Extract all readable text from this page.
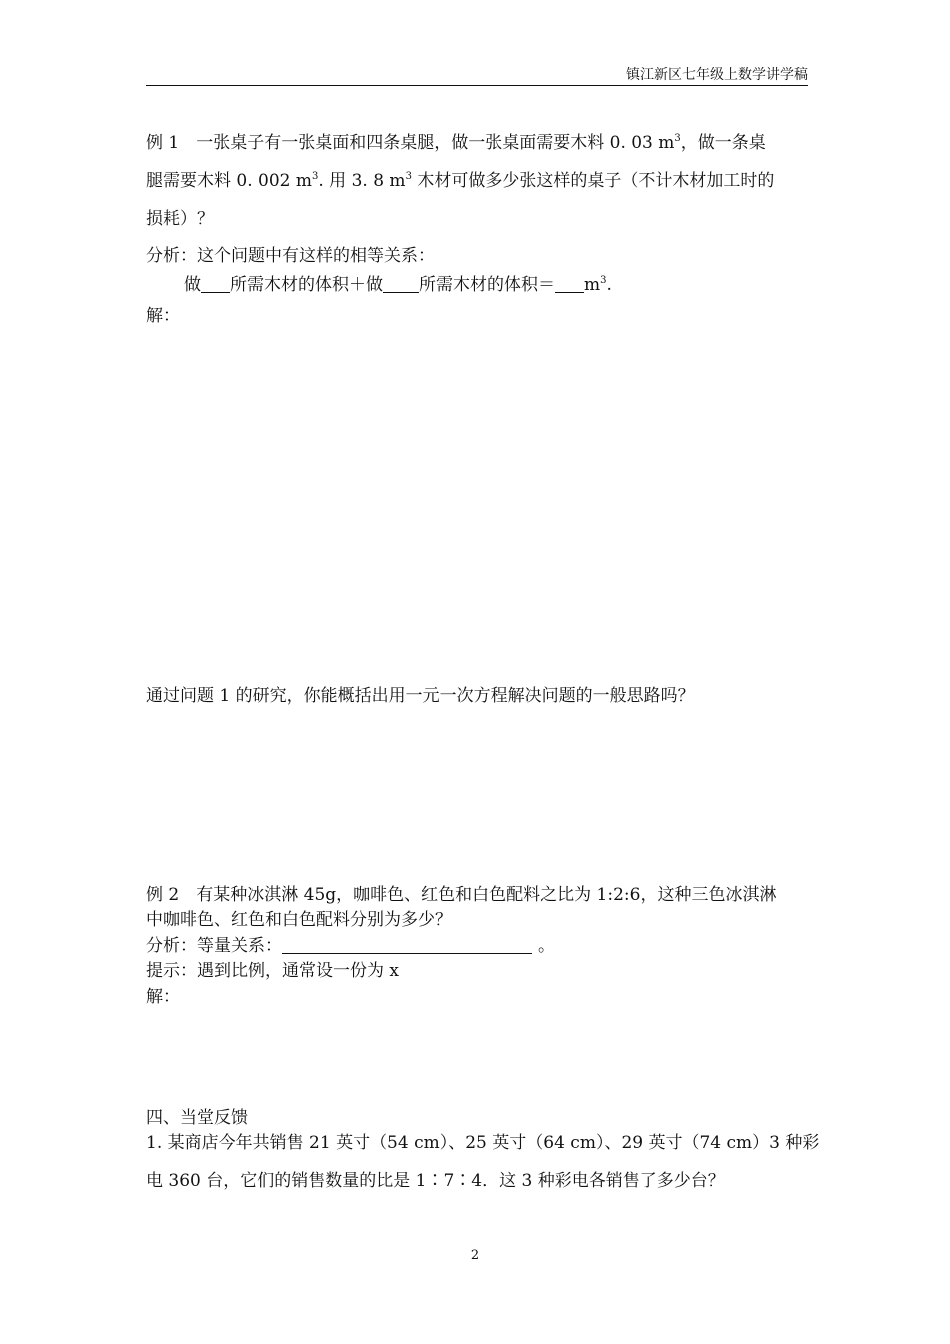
镇江新区七年级上数学讲学稿
例 1　一张桌子有一张桌面和四条桌腿，做一张桌面需要木料 0. 03 $m^3$，做一条桌
腿需要木料 0. 002 $m^3$. 用 3. 8 $m^3$ 木材可做多少张这样的桌子（不计木材加工时的
损耗）？
分析：这个问题中有这样的相等关系：
做 所需木材的体积＋做 所需木材的体积＝ $m^3$.
解：
通过问题 1 的研究，你能概括出用一元一次方程解决问题的一般思路吗？
例 2　有某种冰淇淋 45g，咖啡色、红色和白色配料之比为 1:2:6，这种三色冰淇淋
中咖啡色、红色和白色配料分别为多少？
分析：等量关系：	。
提示：遇到比例，通常设一份为 x
解：
四、当堂反馈
1. 某商店今年共销售 21 英寸（54 cm）、25 英寸（64 cm）、29 英寸（74 cm）3 种彩
电 360 台，它们的销售数量的比是 1∶7∶4．这 3 种彩电各销售了多少台？
2
